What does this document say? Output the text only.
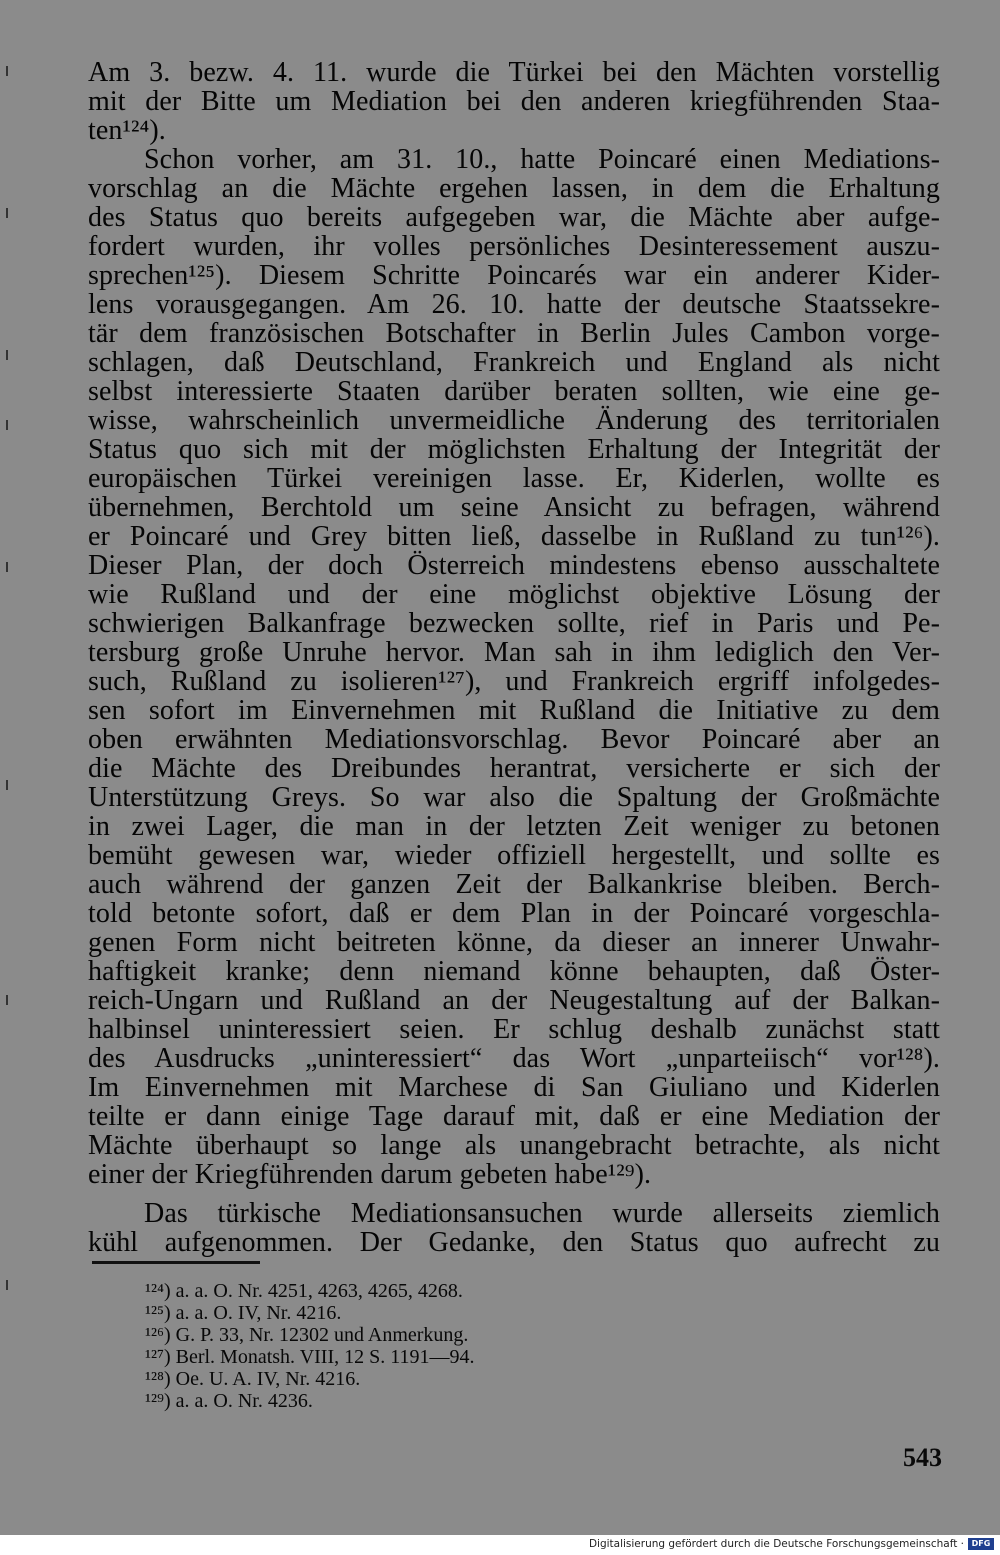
Am 3. bezw. 4. 11. wurde die Türkei bei den Mächten vorstellig
mit der Bitte um Mediation bei den anderen kriegführenden Staa-
ten¹²⁴).
Schon vorher, am 31. 10., hatte Poincaré einen Mediations-
vorschlag an die Mächte ergehen lassen, in dem die Erhaltung
des Status quo bereits aufgegeben war, die Mächte aber aufge-
fordert wurden, ihr volles persönliches Desinteressement auszu-
sprechen¹²⁵). Diesem Schritte Poincarés war ein anderer Kider-
lens vorausgegangen. Am 26. 10. hatte der deutsche Staatssekre-
tär dem französischen Botschafter in Berlin Jules Cambon vorge-
schlagen, daß Deutschland, Frankreich und England als nicht
selbst interessierte Staaten darüber beraten sollten, wie eine ge-
wisse, wahrscheinlich unvermeidliche Änderung des territorialen
Status quo sich mit der möglichsten Erhaltung der Integrität der
europäischen Türkei vereinigen lasse. Er, Kiderlen, wollte es
übernehmen, Berchtold um seine Ansicht zu befragen, während
er Poincaré und Grey bitten ließ, dasselbe in Rußland zu tun¹²⁶).
Dieser Plan, der doch Österreich mindestens ebenso ausschaltete
wie Rußland und der eine möglichst objektive Lösung der
schwierigen Balkanfrage bezwecken sollte, rief in Paris und Pe-
tersburg große Unruhe hervor. Man sah in ihm lediglich den Ver-
such, Rußland zu isolieren¹²⁷), und Frankreich ergriff infolgedes-
sen sofort im Einvernehmen mit Rußland die Initiative zu dem
oben erwähnten Mediationsvorschlag. Bevor Poincaré aber an
die Mächte des Dreibundes herantrat, versicherte er sich der
Unterstützung Greys. So war also die Spaltung der Großmächte
in zwei Lager, die man in der letzten Zeit weniger zu betonen
bemüht gewesen war, wieder offiziell hergestellt, und sollte es
auch während der ganzen Zeit der Balkankrise bleiben. Berch-
told betonte sofort, daß er dem Plan in der Poincaré vorgeschla-
genen Form nicht beitreten könne, da dieser an innerer Unwahr-
haftigkeit kranke; denn niemand könne behaupten, daß Öster-
reich-Ungarn und Rußland an der Neugestaltung auf der Balkan-
halbinsel uninteressiert seien. Er schlug deshalb zunächst statt
des Ausdrucks „uninteressiert“ das Wort „unparteiisch“ vor¹²⁸).
Im Einvernehmen mit Marchese di San Giuliano und Kiderlen
teilte er dann einige Tage darauf mit, daß er eine Mediation der
Mächte überhaupt so lange als unangebracht betrachte, als nicht
einer der Kriegführenden darum gebeten habe¹²⁹).
Das türkische Mediationsansuchen wurde allerseits ziemlich
kühl aufgenommen. Der Gedanke, den Status quo aufrecht zu
¹²⁴) a. a. O. Nr. 4251, 4263, 4265, 4268.
¹²⁵) a. a. O. IV, Nr. 4216.
¹²⁶) G. P. 33, Nr. 12302 und Anmerkung.
¹²⁷) Berl. Monatsh. VIII, 12 S. 1191—94.
¹²⁸) Oe. U. A. IV, Nr. 4216.
¹²⁹) a. a. O. Nr. 4236.
543
Digitalisierung gefördert durch die Deutsche Forschungsgemeinschaft · DFG
